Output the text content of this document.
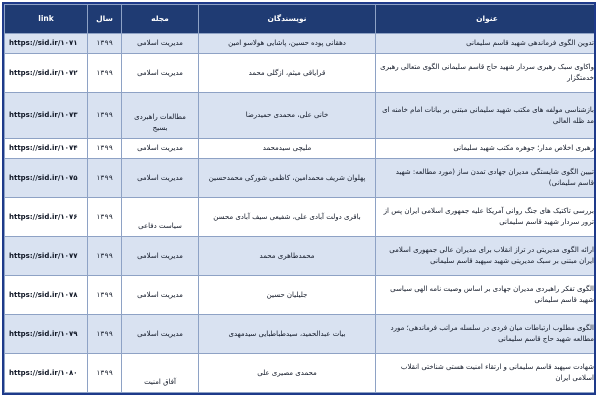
عنوان	نویسندگان	مجله	سال	link
تدوین الگوی فرماندهی شهید قاسم سلیمانی	دهقانی پوده حسین، پاشایی هولاسو امین	مدیریت اسلامی	۱۳۹۹	https://sid.ir/۱۰۷۱
واکاوی سبک رهبری سردار شهید حاج قاسم سلیمانی الگوی متعالی رهبری خدمتگزار	قرایاقی میثم، ازگلی محمد	مدیریت اسلامی	۱۳۹۹	https://sid.ir/۱۰۷۲
بازشناسی مولفه های مکتب شهید سلیمانی مبتنی بر بیانات امام خامنه ای مد ظله العالی	خانی علی، محمدی حمیدرضا	مطالعات راهبردی بسیج	۱۳۹۹	https://sid.ir/۱۰۷۳
رهبری اخلاص مدار؛ جوهره مکتب شهید سلیمانی	ملیچی سیدمحمد	مدیریت اسلامی	۱۳۹۹	https://sid.ir/۱۰۷۴
تبیین الگوی شایستگی مدیران جهادی تمدن ساز (مورد مطالعه: شهید قاسم سلیمانی)	پهلوان شریف محمدامین، کاظمی شورکی محمدحسین	مدیریت اسلامی	۱۳۹۹	https://sid.ir/۱۰۷۵
بررسی تاکتیک های جنگ روانی آمریکا علیه جمهوری اسلامی ایران پس از ترور سردار شهید قاسم سلیمانی	باقری دولت آبادی علی، شفیعی سیف آبادی محسن	سیاست دفاعی	۱۳۹۹	https://sid.ir/۱۰۷۶
ارائه الگوی مدیریتی در تراز انقلاب برای مدیران عالی جمهوری اسلامی ایران مبتنی بر سبک مدیریتی شهید سپهبد قاسم سلیمانی	محمدطاهری محمد	مدیریت اسلامی	۱۳۹۹	https://sid.ir/۱۰۷۷
الگوی تفکر راهبردی مدیران جهادی بر اساس وصیت نامه الهی سیاسی شهید قاسم سلیمانی	جلیلیان حسین	مدیریت اسلامی	۱۳۹۹	https://sid.ir/۱۰۷۸
الگوی مطلوب ارتباطات میان فردی در سلسله مراتب فرماندهی؛ مورد مطالعه شهید حاج قاسم سلیمانی	بیات عبدالحمید، سیدطباطبایی سیدمهدی	مدیریت اسلامی	۱۳۹۹	https://sid.ir/۱۰۷۹
شهادت سپهبد قاسم سلیمانی و ارتقاء امنیت هستی شناختی انقلاب اسلامی ایران	محمدی مصیری علی	آفاق امنیت	۱۳۹۹	https://sid.ir/۱۰۸۰
